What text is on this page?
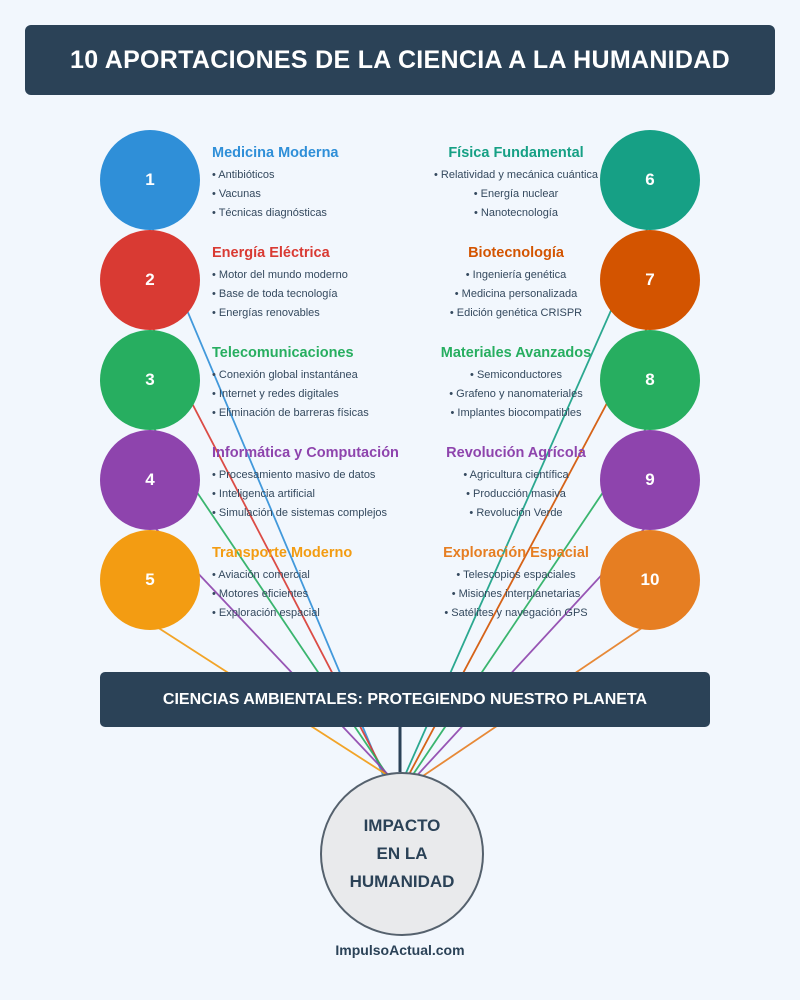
10 APORTACIONES DE LA CIENCIA A LA HUMANIDAD
1
2
3
4
5
6
7
8
9
10
Medicina Moderna
• Antibióticos
• Vacunas
• Técnicas diagnósticas
Energía Eléctrica
• Motor del mundo moderno
• Base de toda tecnología
• Energías renovables
Telecomunicaciones
• Conexión global instantánea
• Internet y redes digitales
• Eliminación de barreras físicas
Informática y Computación
• Procesamiento masivo de datos
• Inteligencia artificial
• Simulación de sistemas complejos
Transporte Moderno
• Aviación comercial
• Motores eficientes
• Exploración espacial
Física Fundamental
• Relatividad y mecánica cuántica
• Energía nuclear
• Nanotecnología
Biotecnología
• Ingeniería genética
• Medicina personalizada
• Edición genética CRISPR
Materiales Avanzados
• Semiconductores
• Grafeno y nanomateriales
• Implantes biocompatibles
Revolución Agrícola
• Agricultura científica
• Producción masiva
• Revolución Verde
Exploración Espacial
• Telescopios espaciales
• Misiones interplanetarias
• Satélites y navegación GPS
CIENCIAS AMBIENTALES: PROTEGIENDO NUESTRO PLANETA
IMPACTO
EN LA
HUMANIDAD
ImpulsoActual.com
